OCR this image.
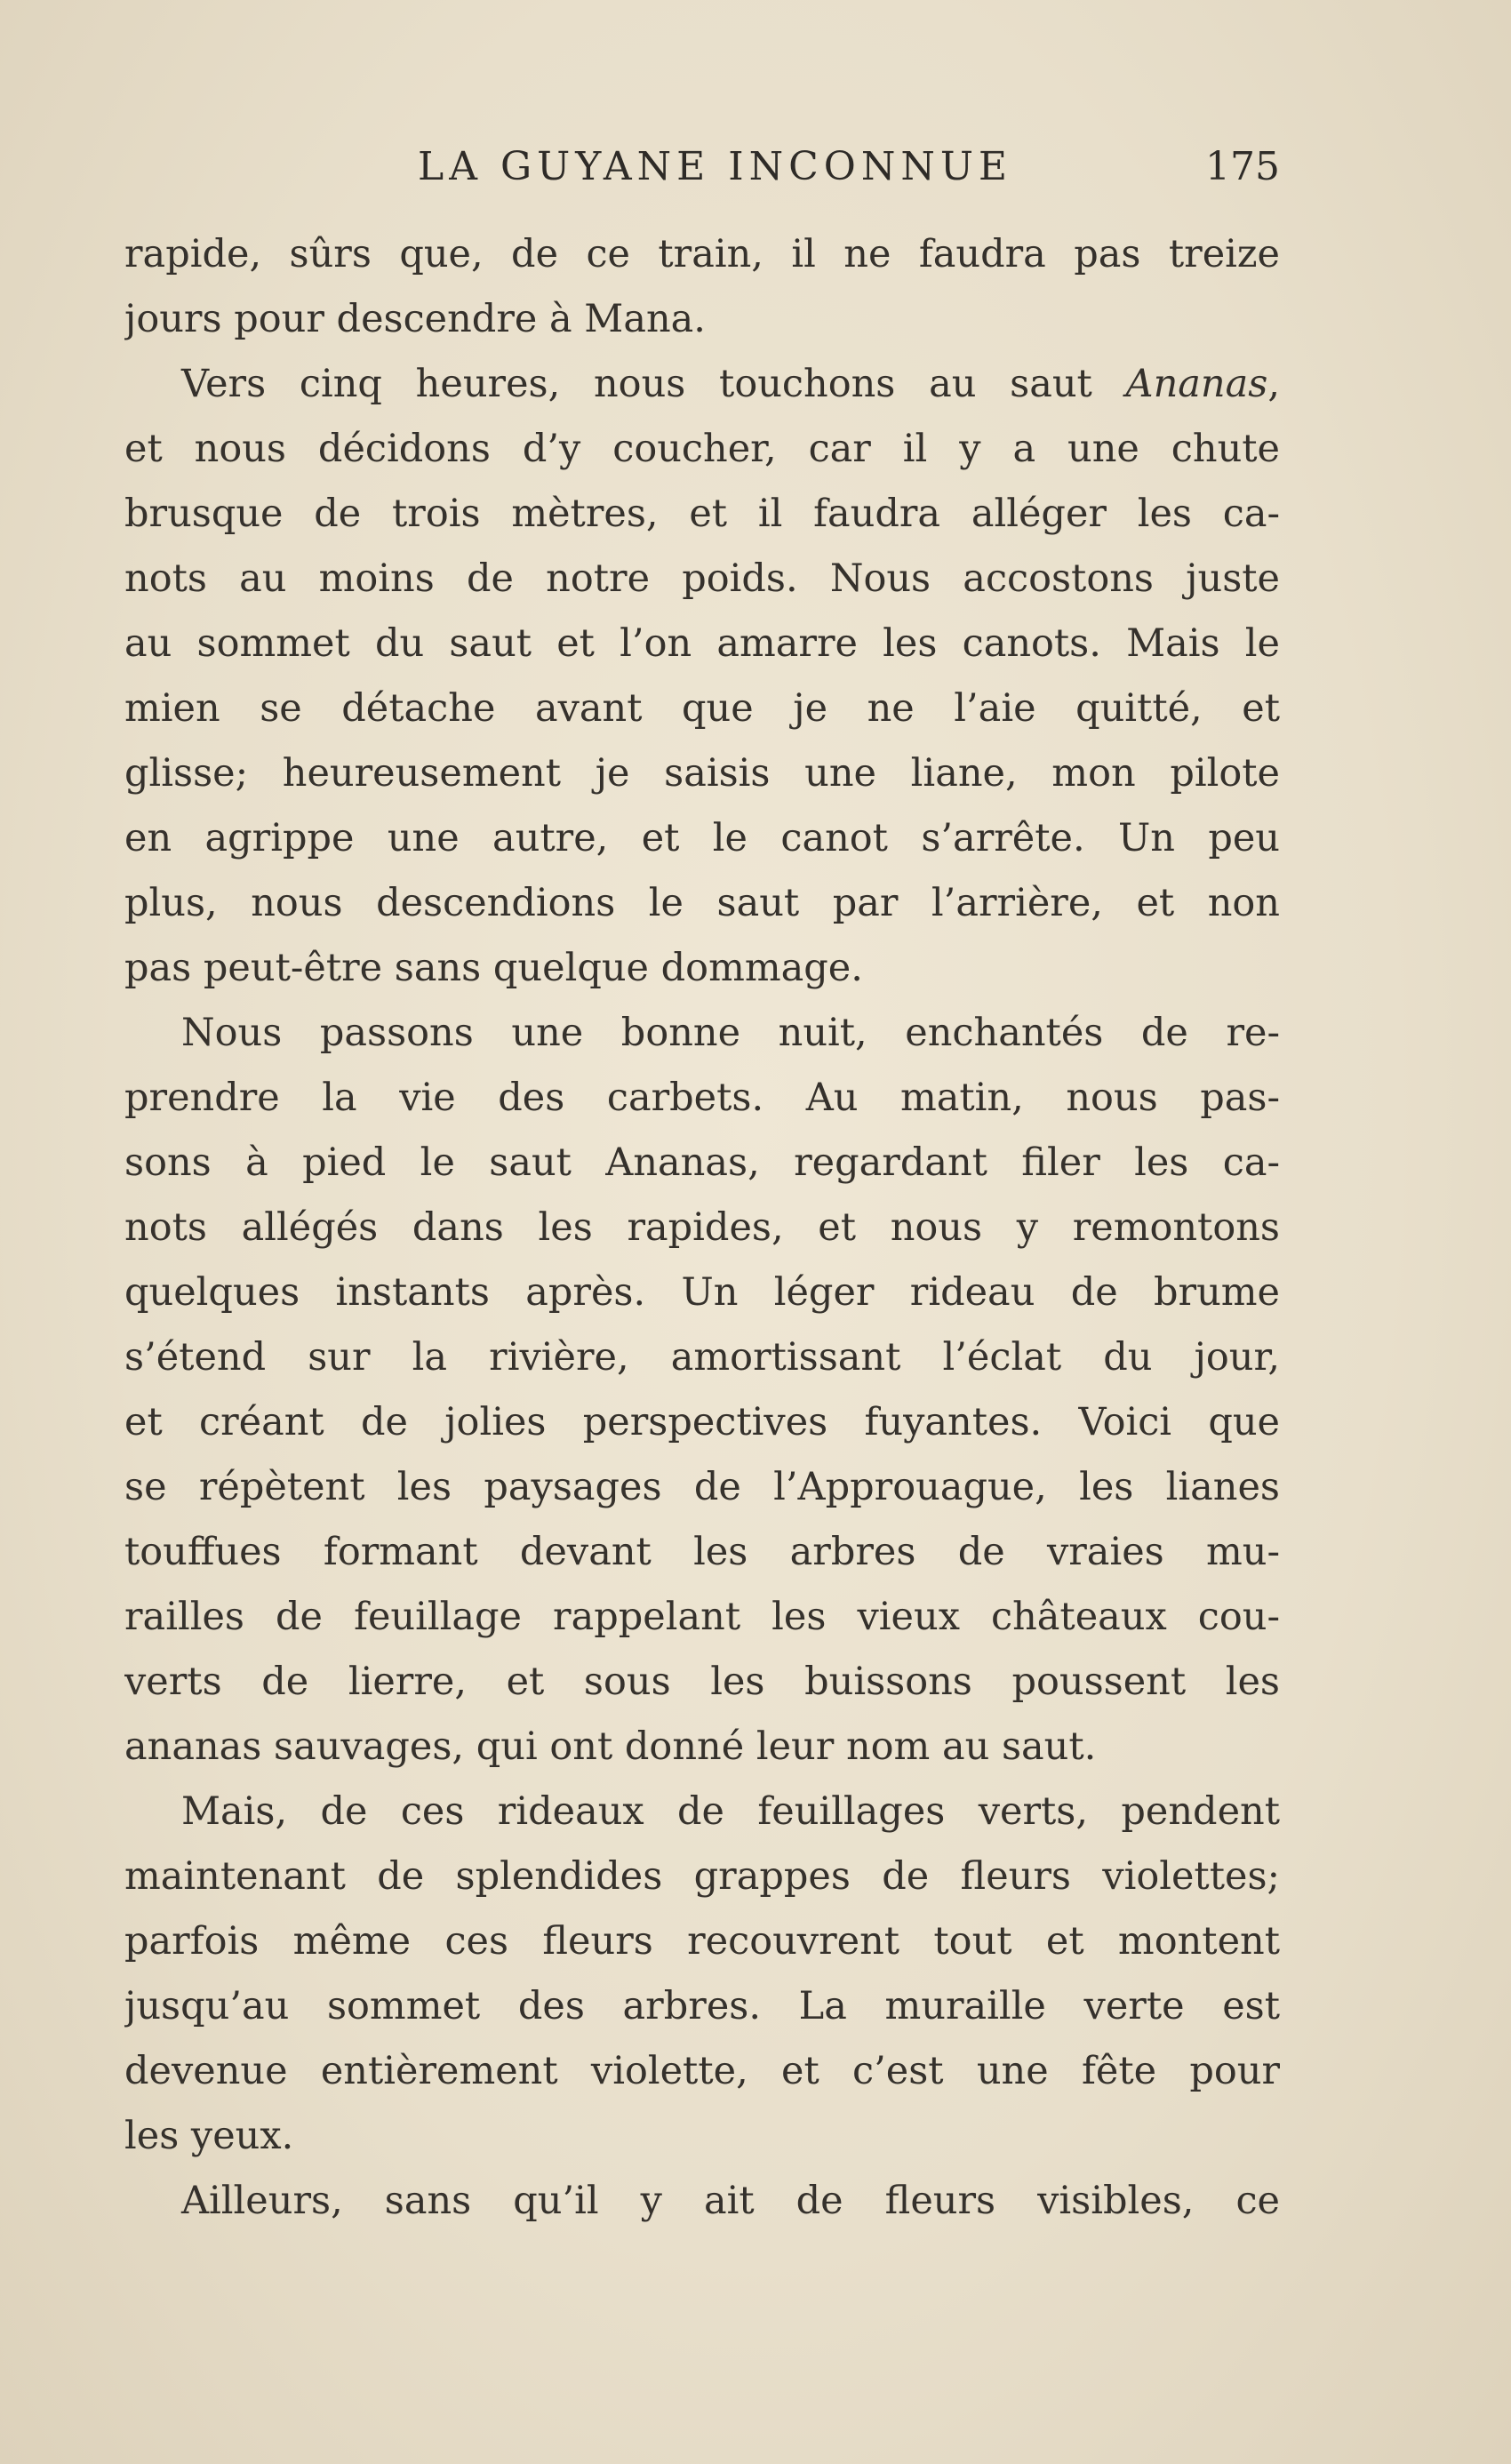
LA GUYANE INCONNUE	175
rapide, sûrs que, de ce train, il ne faudra pas treize
jours pour descendre à Mana.
Vers cinq heures, nous touchons au saut Ananas,
et nous décidons d’y coucher, car il y a une chute
brusque de trois mètres, et il faudra alléger les ca-
nots au moins de notre poids. Nous accostons juste
au sommet du saut et l’on amarre les canots. Mais le
mien se détache avant que je ne l’aie quitté, et
glisse; heureusement je saisis une liane, mon pilote
en agrippe une autre, et le canot s’arrête. Un peu
plus, nous descendions le saut par l’arrière, et non
pas peut-être sans quelque dommage.
Nous passons une bonne nuit, enchantés de re-
prendre la vie des carbets. Au matin, nous pas-
sons à pied le saut Ananas, regardant filer les ca-
nots allégés dans les rapides, et nous y remontons
quelques instants après. Un léger rideau de brume
s’étend sur la rivière, amortissant l’éclat du jour,
et créant de jolies perspectives fuyantes. Voici que
se répètent les paysages de l’Approuague, les lianes
touffues formant devant les arbres de vraies mu-
railles de feuillage rappelant les vieux châteaux cou-
verts de lierre, et sous les buissons poussent les
ananas sauvages, qui ont donné leur nom au saut.
Mais, de ces rideaux de feuillages verts, pendent
maintenant de splendides grappes de fleurs violettes;
parfois même ces fleurs recouvrent tout et montent
jusqu’au sommet des arbres. La muraille verte est
devenue entièrement violette, et c’est une fête pour
les yeux.
Ailleurs, sans qu’il y ait de fleurs visibles, ce
